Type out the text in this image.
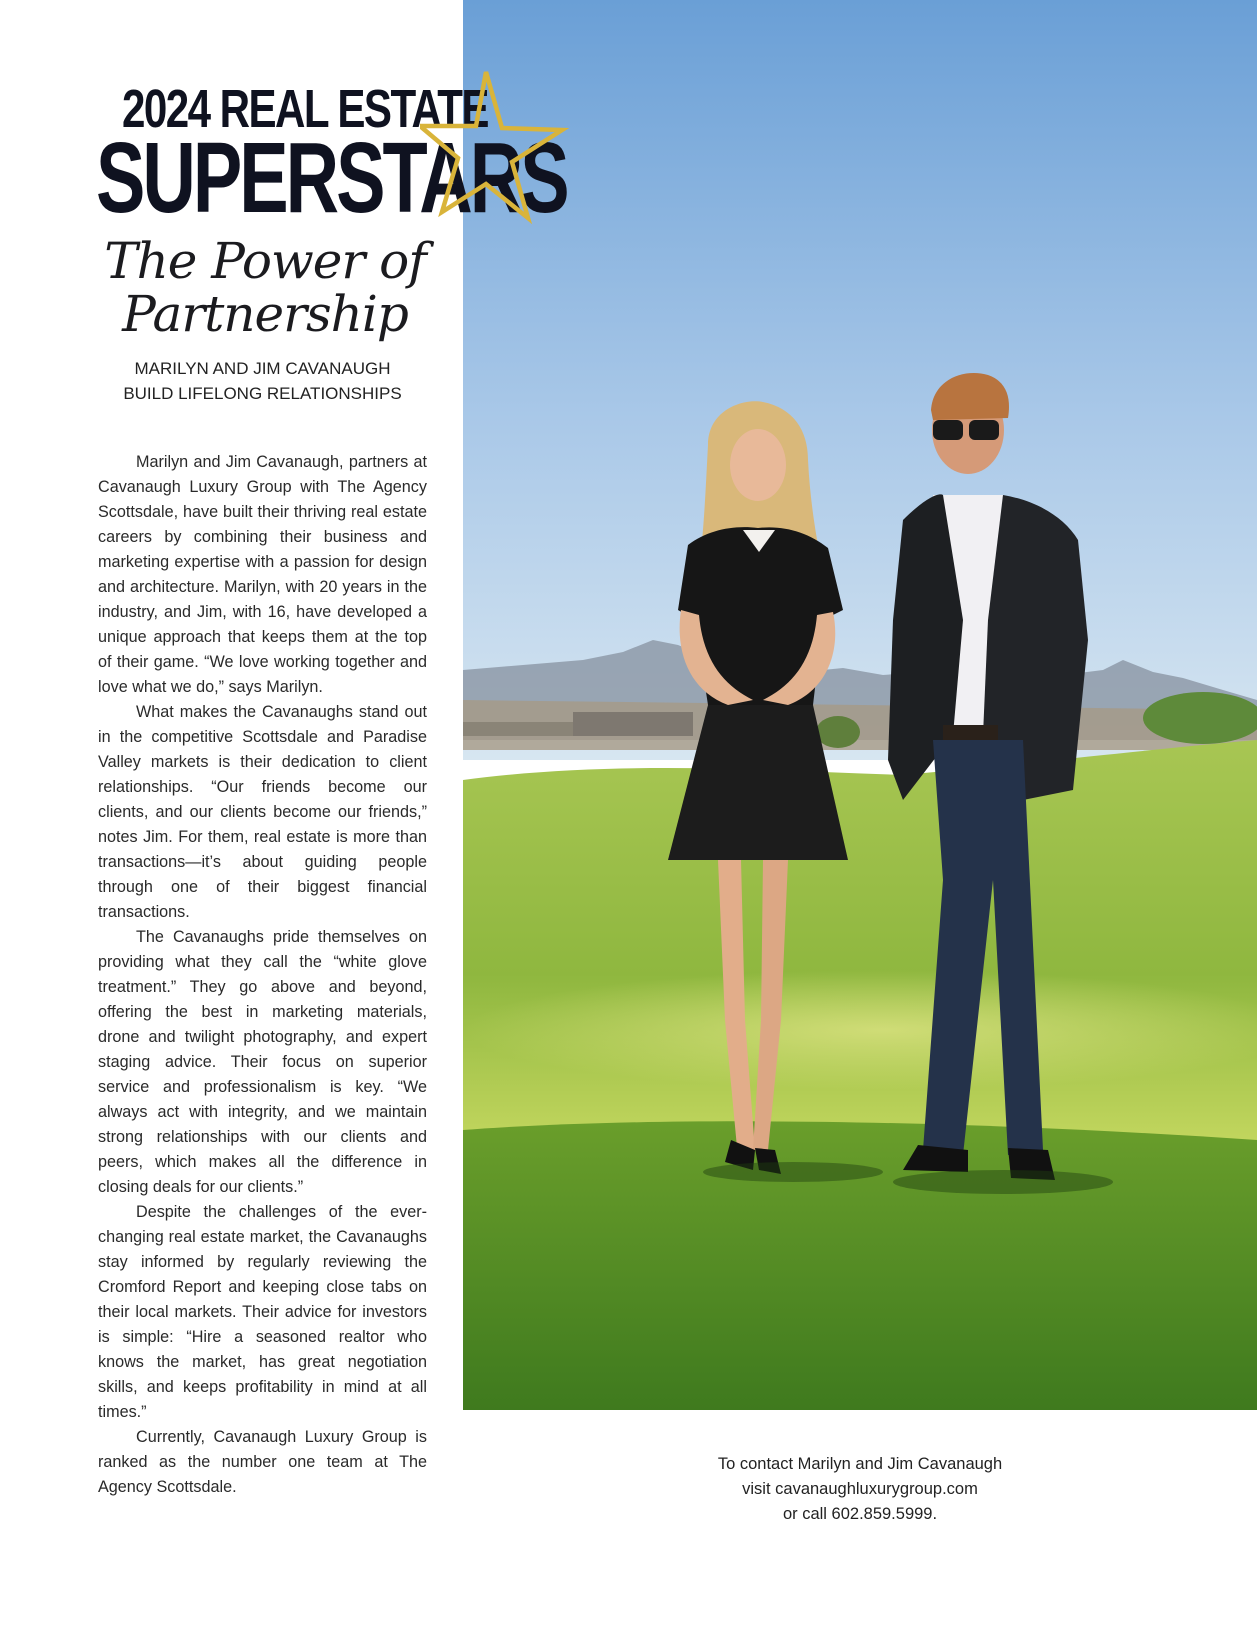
2024 REAL ESTATE
SUPERSTARS
The Power of
Partnership
MARILYN AND JIM CAVANAUGH
BUILD LIFELONG RELATIONSHIPS

Marilyn and Jim Cavanaugh, partners at Cavanaugh Luxury Group with The Agency Scottsdale, have built their thriving real estate careers by combining their business and marketing expertise with a passion for design and architecture. Marilyn, with 20 years in the industry, and Jim, with 16, have developed a unique approach that keeps them at the top of their game. “We love working together and love what we do,” says Marilyn.

What makes the Cavanaughs stand out in the competitive Scottsdale and Paradise Valley markets is their dedication to client relationships. “Our friends become our clients, and our clients become our friends,” notes Jim. For them, real estate is more than transactions—it’s about guiding people through one of their biggest financial transactions.

The Cavanaughs pride themselves on providing what they call the “white glove treatment.” They go above and beyond, offering the best in marketing materials, drone and twilight photography, and expert staging advice. Their focus on superior service and professionalism is key. “We always act with integrity, and we maintain strong relationships with our clients and peers, which makes all the difference in closing deals for our clients.”

Despite the challenges of the ever-changing real estate market, the Cavanaughs stay informed by regularly reviewing the Cromford Report and keeping close tabs on their local markets. Their advice for investors is simple: “Hire a seasoned realtor who knows the market, has great negotiation skills, and keeps profitability in mind at all times.”

Currently, Cavanaugh Luxury Group is ranked as the number one team at The Agency Scottsdale.

To contact Marilyn and Jim Cavanaugh
visit cavanaughluxurygroup.com
or call 602.859.5999.
